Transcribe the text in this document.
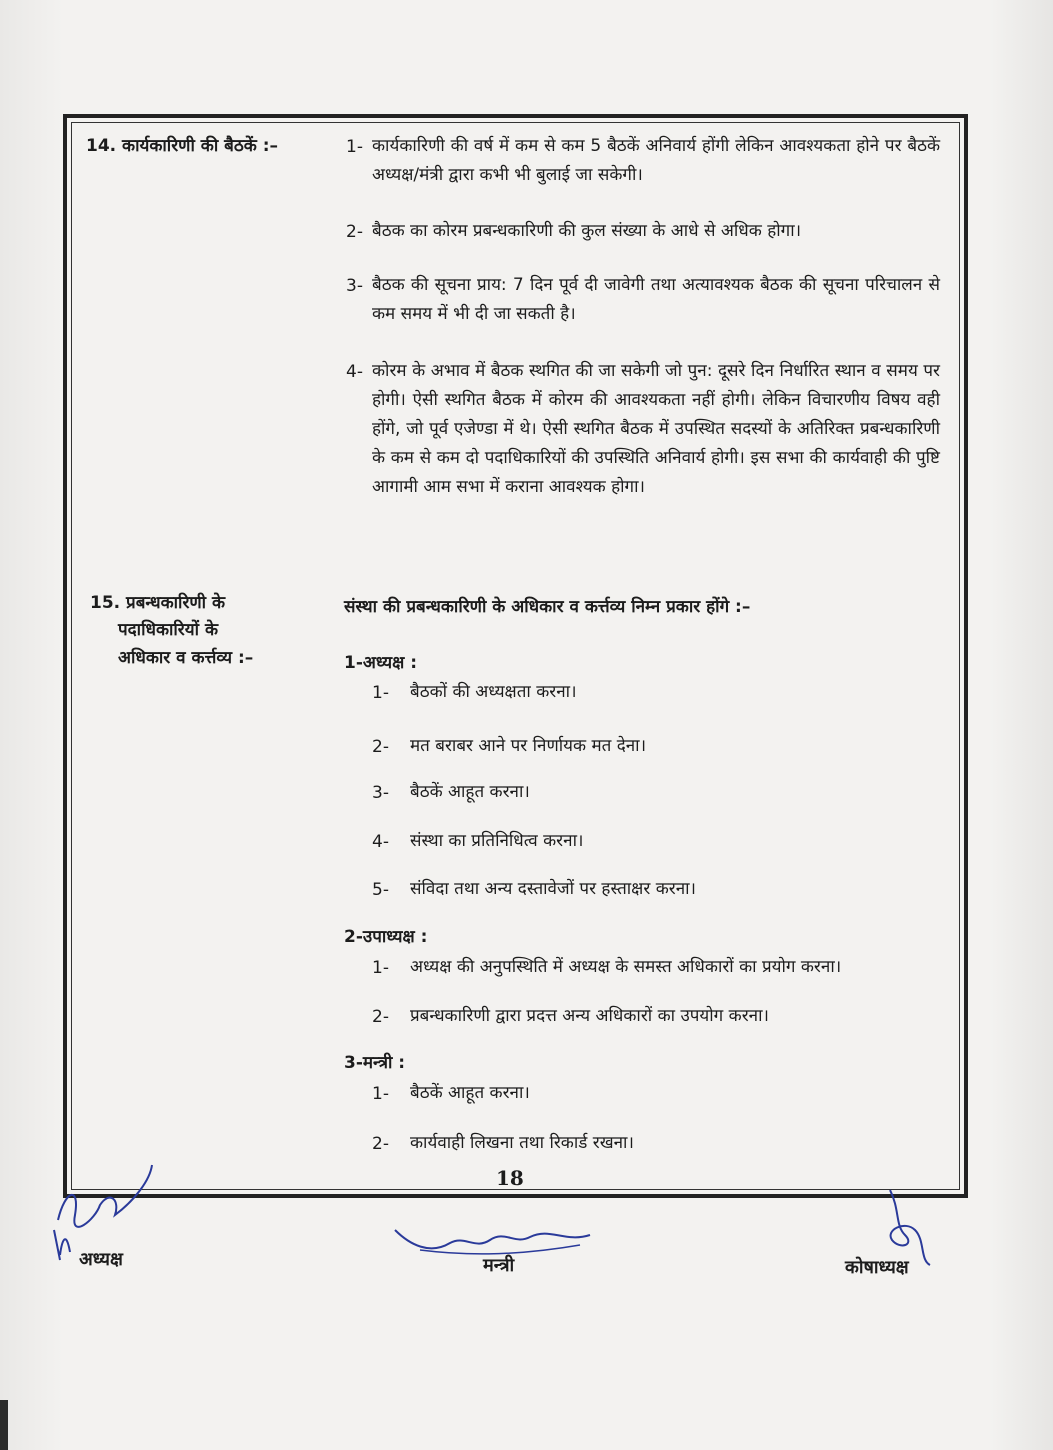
14. कार्यकारिणी की बैठकें :–	1- कार्यकारिणी की वर्ष में कम से कम 5 बैठकें अनिवार्य होंगी लेकिन आवश्यकता होने पर बैठकें अध्यक्ष/मंत्री द्वारा कभी भी बुलाई जा सकेगी।
2- बैठक का कोरम प्रबन्धकारिणी की कुल संख्या के आधे से अधिक होगा।
3- बैठक की सूचना प्राय: 7 दिन पूर्व दी जावेगी तथा अत्यावश्यक बैठक की सूचना परिचालन से कम समय में भी दी जा सकती है।
4- कोरम के अभाव में बैठक स्थगित की जा सकेगी जो पुन: दूसरे दिन निर्धारित स्थान व समय पर होगी। ऐसी स्थगित बैठक में कोरम की आवश्यकता नहीं होगी। लेकिन विचारणीय विषय वही होंगे, जो पूर्व एजेण्डा में थे। ऐसी स्थगित बैठक में उपस्थित सदस्यों के अतिरिक्त प्रबन्धकारिणी के कम से कम दो पदाधिकारियों की उपस्थिति अनिवार्य होगी। इस सभा की कार्यवाही की पुष्टि आगामी आम सभा में कराना आवश्यक होगा।
15. प्रबन्धकारिणी के
पदाधिकारियों के
अधिकार व कर्त्तव्य :–
संस्था की प्रबन्धकारिणी के अधिकार व कर्त्तव्य निम्न प्रकार होंगे :–
1-अध्यक्ष :
1- बैठकों की अध्यक्षता करना।
2- मत बराबर आने पर निर्णायक मत देना।
3- बैठकें आहूत करना।
4- संस्था का प्रतिनिधित्व करना।
5- संविदा तथा अन्य दस्तावेजों पर हस्ताक्षर करना।
2-उपाध्यक्ष :
1- अध्यक्ष की अनुपस्थिति में अध्यक्ष के समस्त अधिकारों का प्रयोग करना।
2- प्रबन्धकारिणी द्वारा प्रदत्त अन्य अधिकारों का उपयोग करना।
3-मन्त्री :
1- बैठकें आहूत करना।
2- कार्यवाही लिखना तथा रिकार्ड रखना।
18
अध्यक्ष	मन्त्री	कोषाध्यक्ष
